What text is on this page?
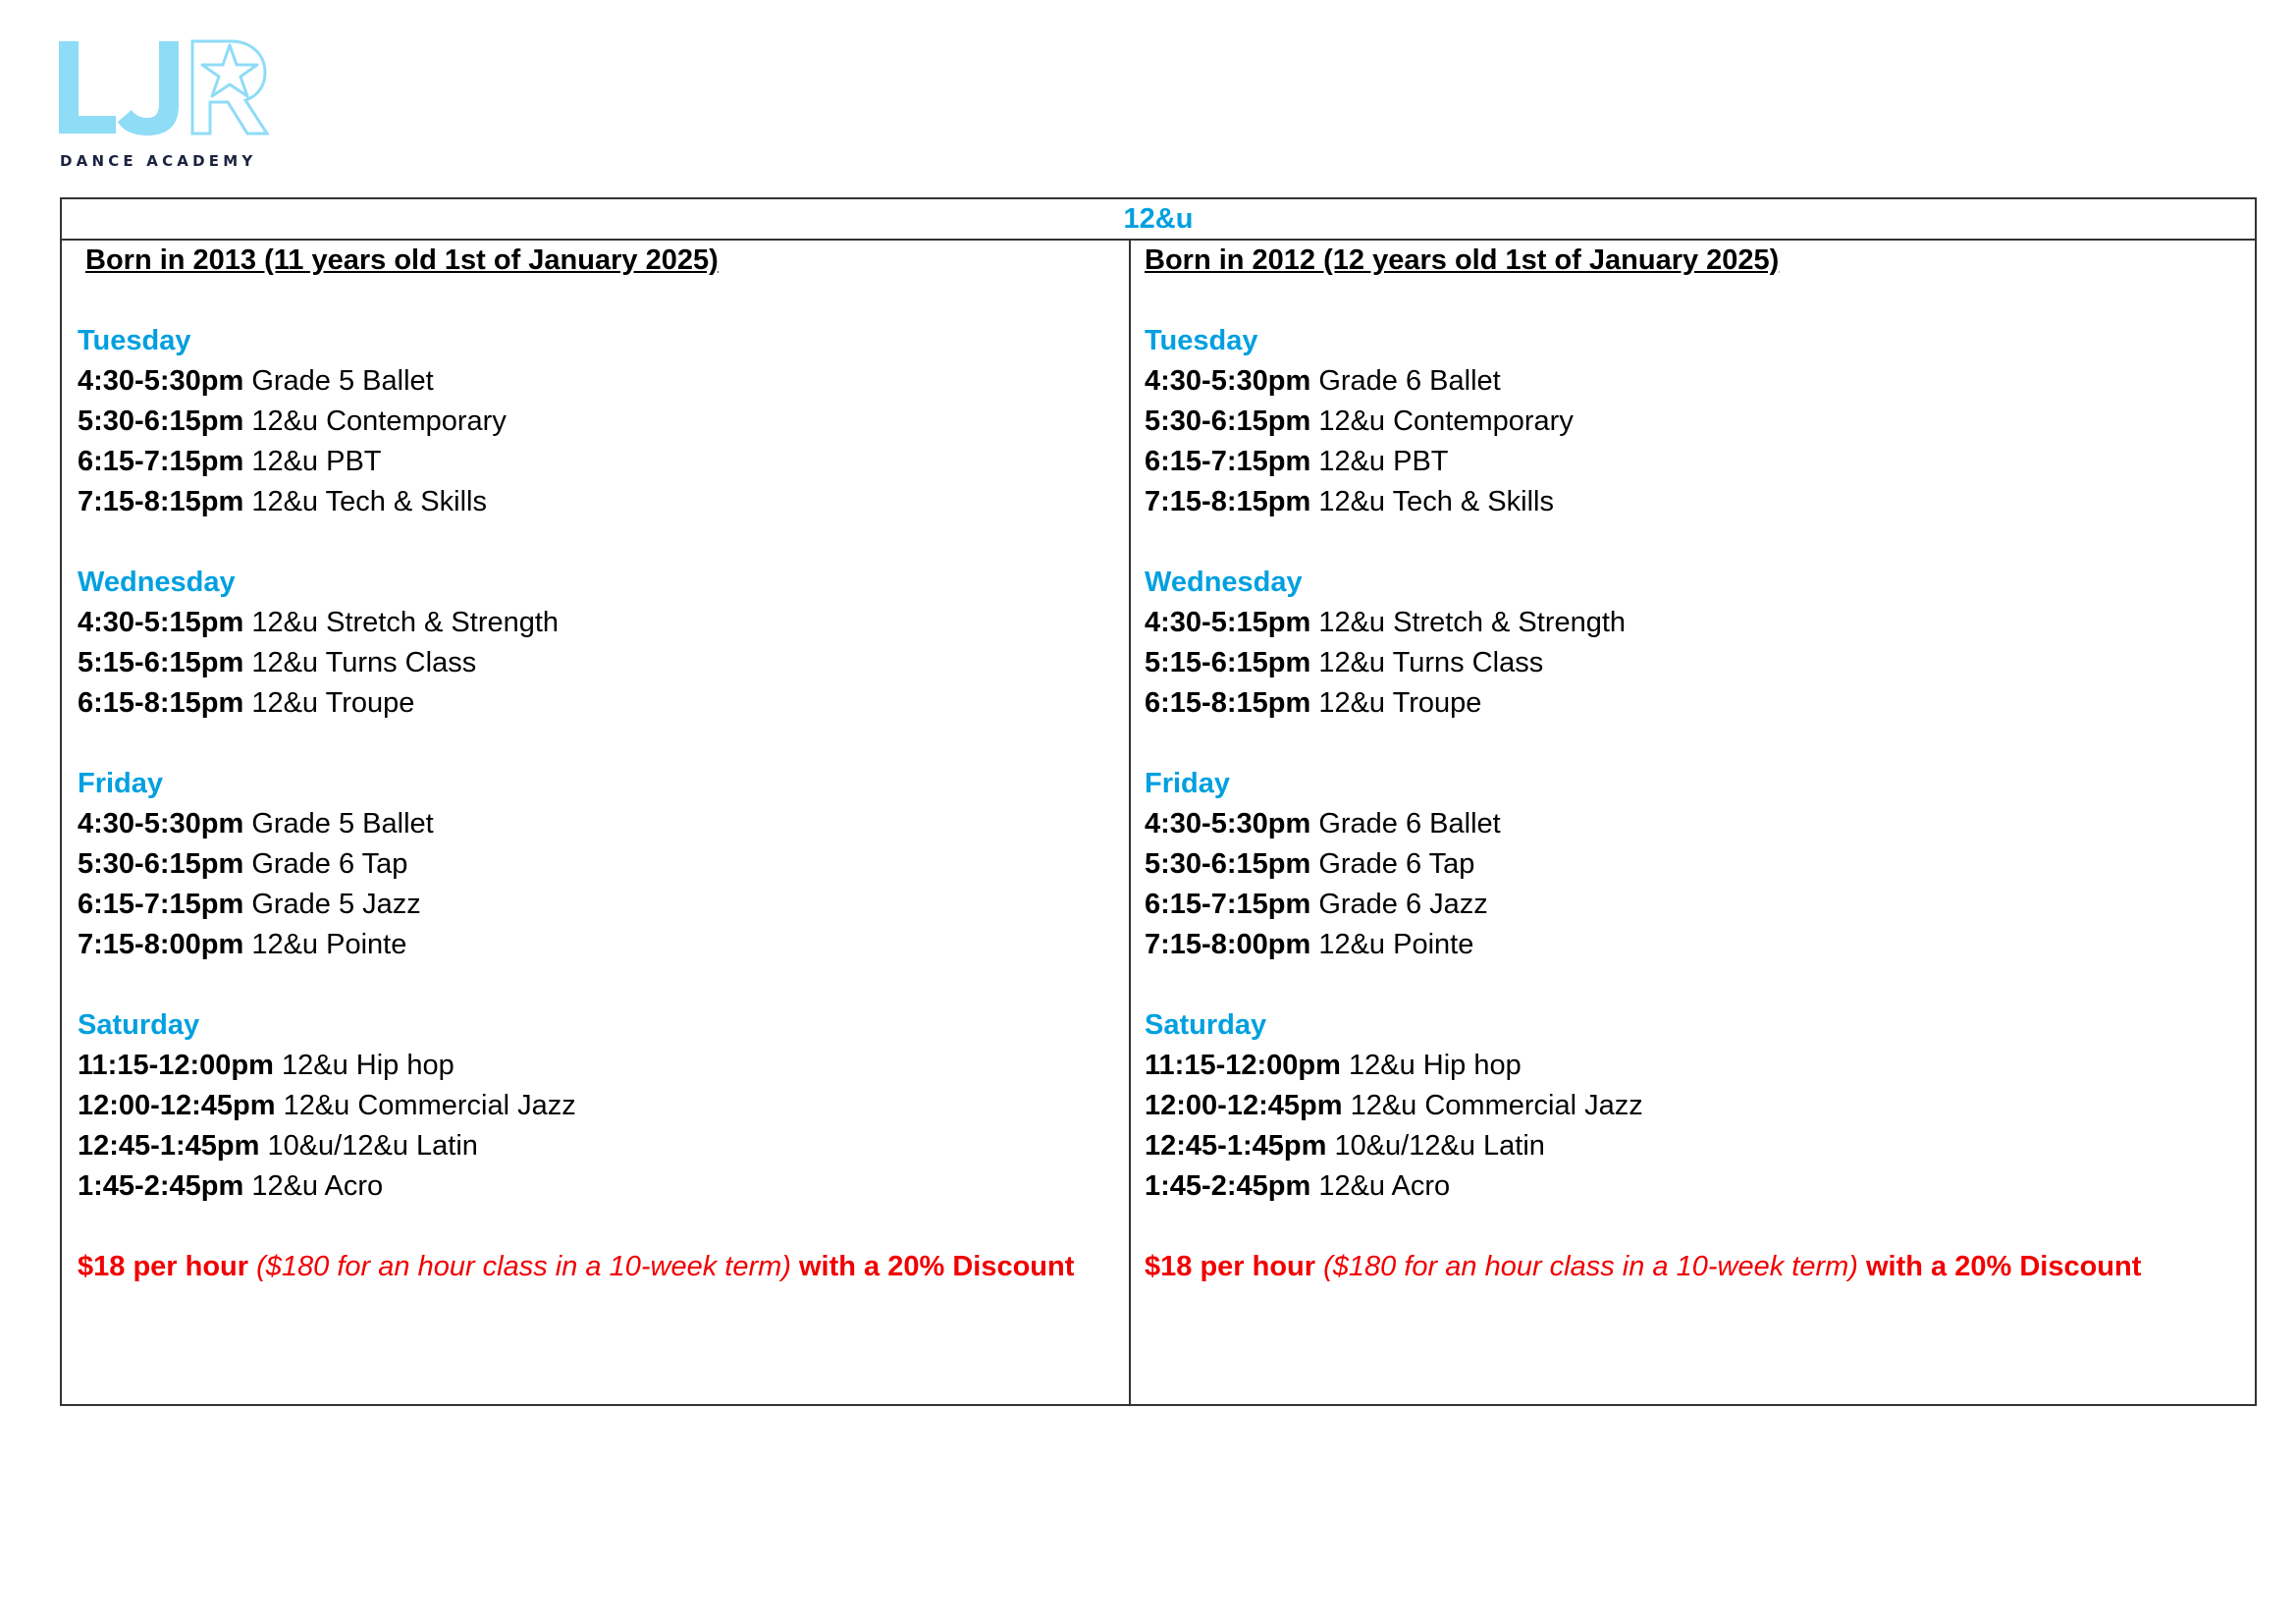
DANCE ACADEMY
12&u
Born in 2013 (11 years old 1st of January 2025)
Tuesday
4:30-5:30pm Grade 5 Ballet
5:30-6:15pm 12&u Contemporary
6:15-7:15pm 12&u PBT
7:15-8:15pm 12&u Tech & Skills
Wednesday
4:30-5:15pm 12&u Stretch & Strength
5:15-6:15pm 12&u Turns Class
6:15-8:15pm 12&u Troupe
Friday
4:30-5:30pm Grade 5 Ballet
5:30-6:15pm Grade 6 Tap
6:15-7:15pm Grade 5 Jazz
7:15-8:00pm 12&u Pointe
Saturday
11:15-12:00pm 12&u Hip hop
12:00-12:45pm 12&u Commercial Jazz
12:45-1:45pm 10&u/12&u Latin
1:45-2:45pm 12&u Acro
$18 per hour ($180 for an hour class in a 10-week term) with a 20% Discount
Born in 2012 (12 years old 1st of January 2025)
Tuesday
4:30-5:30pm Grade 6 Ballet
5:30-6:15pm 12&u Contemporary
6:15-7:15pm 12&u PBT
7:15-8:15pm 12&u Tech & Skills
Wednesday
4:30-5:15pm 12&u Stretch & Strength
5:15-6:15pm 12&u Turns Class
6:15-8:15pm 12&u Troupe
Friday
4:30-5:30pm Grade 6 Ballet
5:30-6:15pm Grade 6 Tap
6:15-7:15pm Grade 6 Jazz
7:15-8:00pm 12&u Pointe
Saturday
11:15-12:00pm 12&u Hip hop
12:00-12:45pm 12&u Commercial Jazz
12:45-1:45pm 10&u/12&u Latin
1:45-2:45pm 12&u Acro
$18 per hour ($180 for an hour class in a 10-week term) with a 20% Discount
